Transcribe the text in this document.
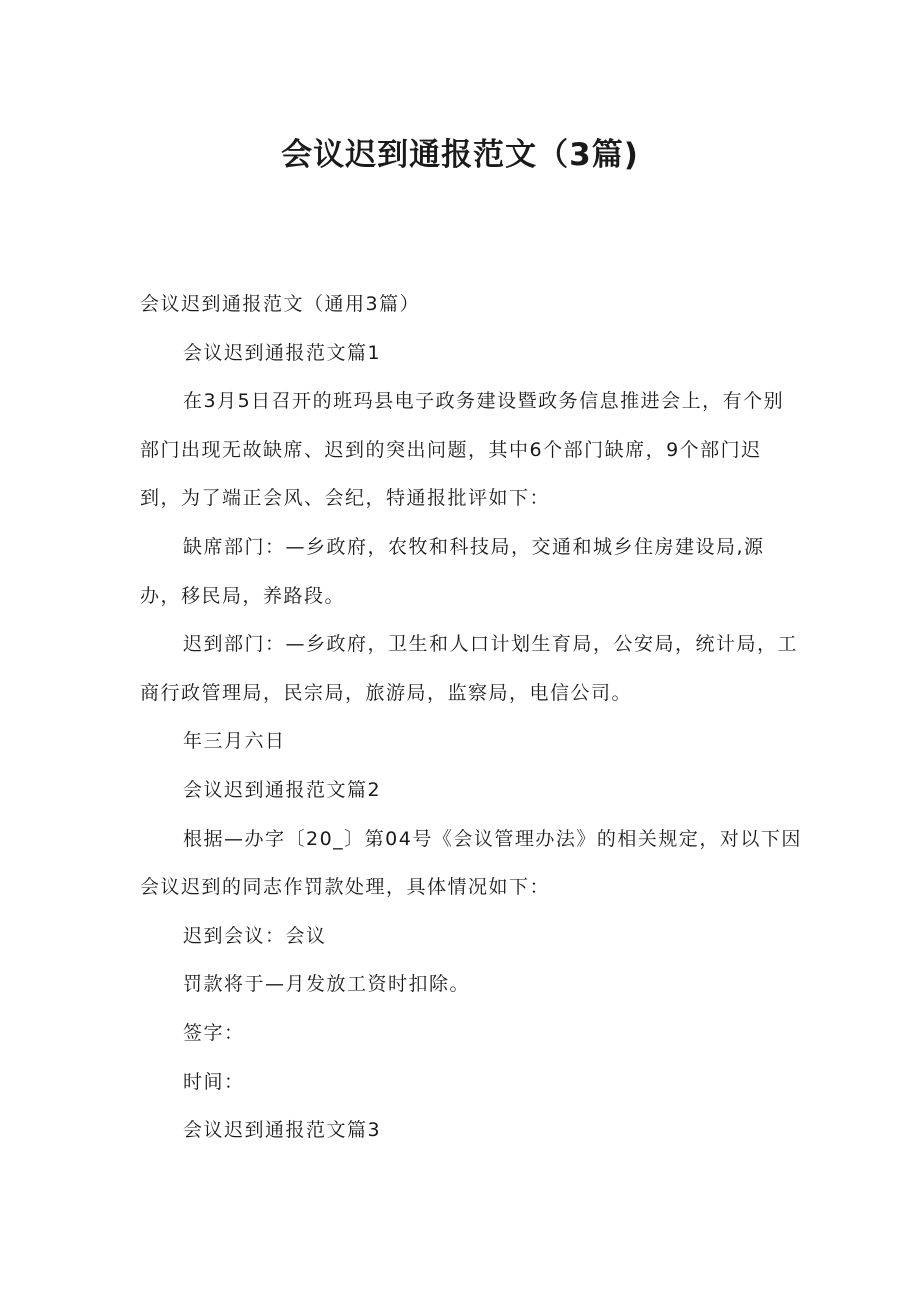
会议迟到通报范文（3篇)
会议迟到通报范文（通用3篇）
会议迟到通报范文篇1
在3月5日召开的班玛县电子政务建设暨政务信息推进会上，有个别
部门出现无故缺席、迟到的突出问题，其中6个部门缺席，9个部门迟
到，为了端正会风、会纪，特通报批评如下：
缺席部门：—乡政府，农牧和科技局，交通和城乡住房建设局,源
办，移民局，养路段。
迟到部门：—乡政府，卫生和人口计划生育局，公安局，统计局，工
商行政管理局，民宗局，旅游局，监察局，电信公司。
年三月六日
会议迟到通报范文篇2
根据—办字〔20_〕第04号《会议管理办法》的相关规定，对以下因
会议迟到的同志作罚款处理，具体情况如下：
迟到会议：会议
罚款将于—月发放工资时扣除。
签字：
时间：
会议迟到通报范文篇3
